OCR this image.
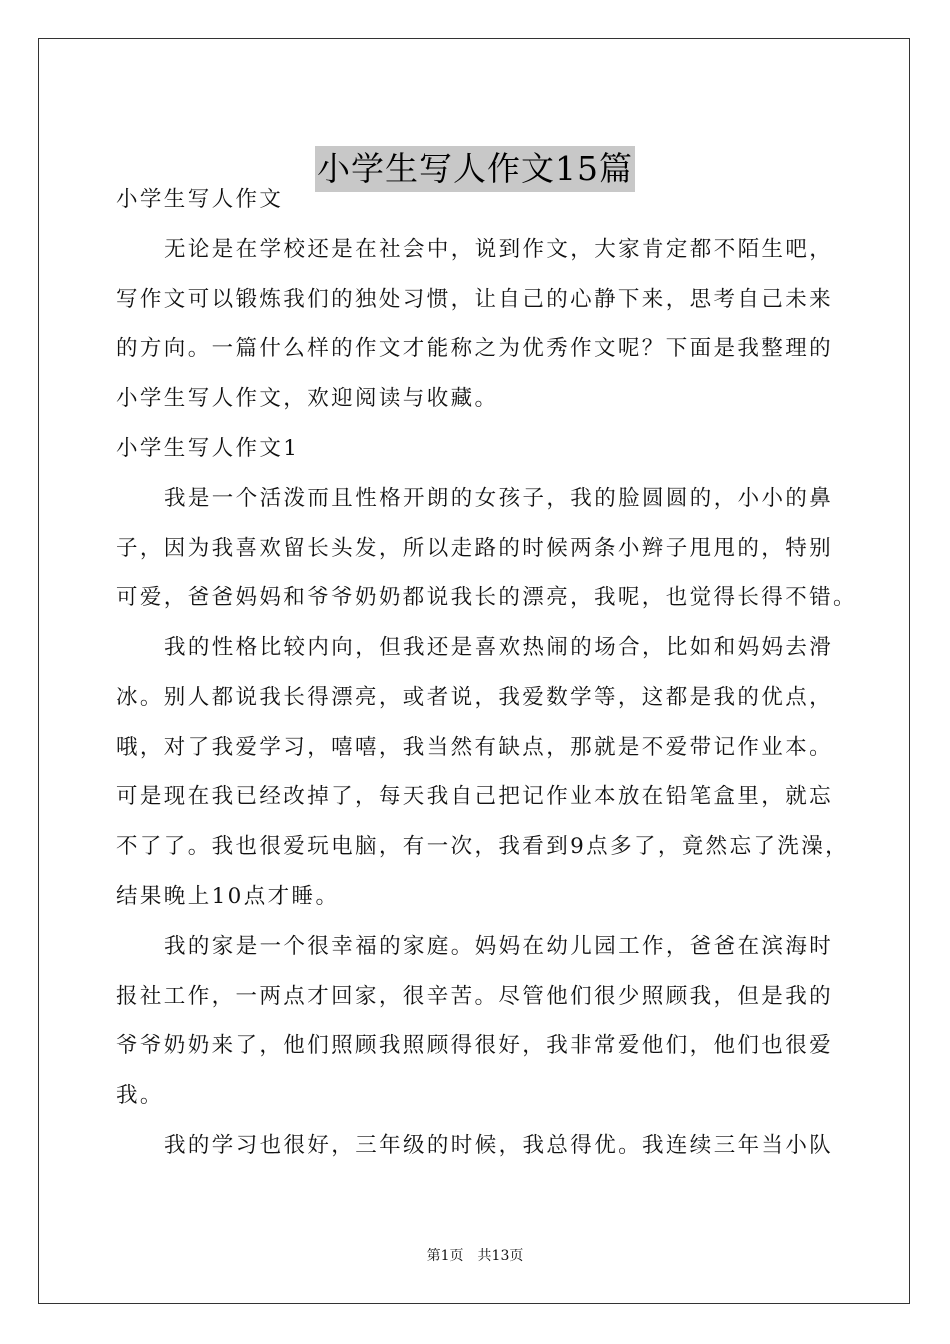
小学生写人作文15篇
小学生写人作文
无论是在学校还是在社会中，说到作文，大家肯定都不陌生吧，
写作文可以锻炼我们的独处习惯，让自己的心静下来，思考自己未来
的方向。一篇什么样的作文才能称之为优秀作文呢？下面是我整理的
小学生写人作文，欢迎阅读与收藏。
小学生写人作文1
我是一个活泼而且性格开朗的女孩子，我的脸圆圆的，小小的鼻
子，因为我喜欢留长头发，所以走路的时候两条小辫子甩甩的，特别
可爱，爸爸妈妈和爷爷奶奶都说我长的漂亮，我呢，也觉得长得不错。
我的性格比较内向，但我还是喜欢热闹的场合，比如和妈妈去滑
冰。别人都说我长得漂亮，或者说，我爱数学等，这都是我的优点，
哦，对了我爱学习，嘻嘻，我当然有缺点，那就是不爱带记作业本。
可是现在我已经改掉了，每天我自己把记作业本放在铅笔盒里，就忘
不了了。我也很爱玩电脑，有一次，我看到9点多了，竟然忘了洗澡，
结果晚上10点才睡。
我的家是一个很幸福的家庭。妈妈在幼儿园工作，爸爸在滨海时
报社工作，一两点才回家，很辛苦。尽管他们很少照顾我，但是我的
爷爷奶奶来了，他们照顾我照顾得很好，我非常爱他们，他们也很爱
我。
我的学习也很好，三年级的时候，我总得优。我连续三年当小队
第1页 共13页
